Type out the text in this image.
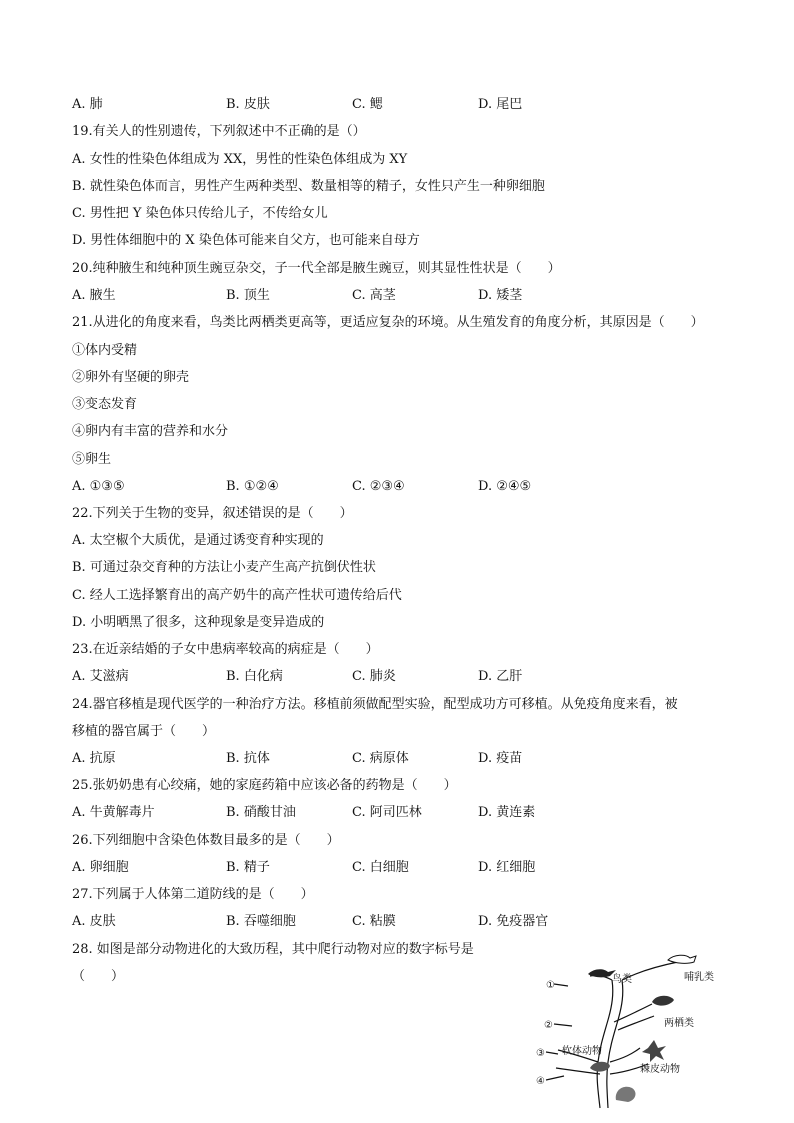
A. 肺	B. 皮肤	C. 鳃	D. 尾巴
19.有关人的性别遗传，下列叙述中不正确的是（）
A. 女性的性染色体组成为 XX，男性的性染色体组成为 XY
B. 就性染色体而言，男性产生两种类型、数量相等的精子，女性只产生一种卵细胞
C. 男性把 Y 染色体只传给儿子，不传给女儿
D. 男性体细胞中的 X 染色体可能来自父方，也可能来自母方
20.纯种腋生和纯种顶生豌豆杂交，子一代全部是腋生豌豆，则其显性性状是（　　）
A. 腋生	B. 顶生	C. 高茎	D. 矮茎
21.从进化的角度来看，鸟类比两栖类更高等，更适应复杂的环境。从生殖发育的角度分析，其原因是（　　）
①体内受精
②卵外有坚硬的卵壳
③变态发育
④卵内有丰富的营养和水分
⑤卵生
A. ①③⑤	B. ①②④	C. ②③④	D. ②④⑤
22.下列关于生物的变异，叙述错误的是（　　）
A. 太空椒个大质优，是通过诱变育种实现的
B. 可通过杂交育种的方法让小麦产生高产抗倒伏性状
C. 经人工选择繁育出的高产奶牛的高产性状可遗传给后代
D. 小明晒黑了很多，这种现象是变异造成的
23.在近亲结婚的子女中患病率较高的病症是（　　）
A. 艾滋病	B. 白化病	C. 肺炎	D. 乙肝
24.器官移植是现代医学的一种治疗方法。移植前须做配型实验，配型成功方可移植。从免疫角度来看，被
移植的器官属于（　　）
A. 抗原	B. 抗体	C. 病原体	D. 疫苗
25.张奶奶患有心绞痛，她的家庭药箱中应该必备的药物是（　　）
A. 牛黄解毒片	B. 硝酸甘油	C. 阿司匹林	D. 黄连素
26.下列细胞中含染色体数目最多的是（　　）
A. 卵细胞	B. 精子	C. 白细胞	D. 红细胞
27.下列属于人体第二道防线的是（　　）
A. 皮肤	B. 吞噬细胞	C. 粘膜	D. 免疫器官
28. 如图是部分动物进化的大致历程，其中爬行动物对应的数字标号是
（　　）
①
②
③
④
鸟类	哺乳类
两栖类
软体动物
棘皮动物
